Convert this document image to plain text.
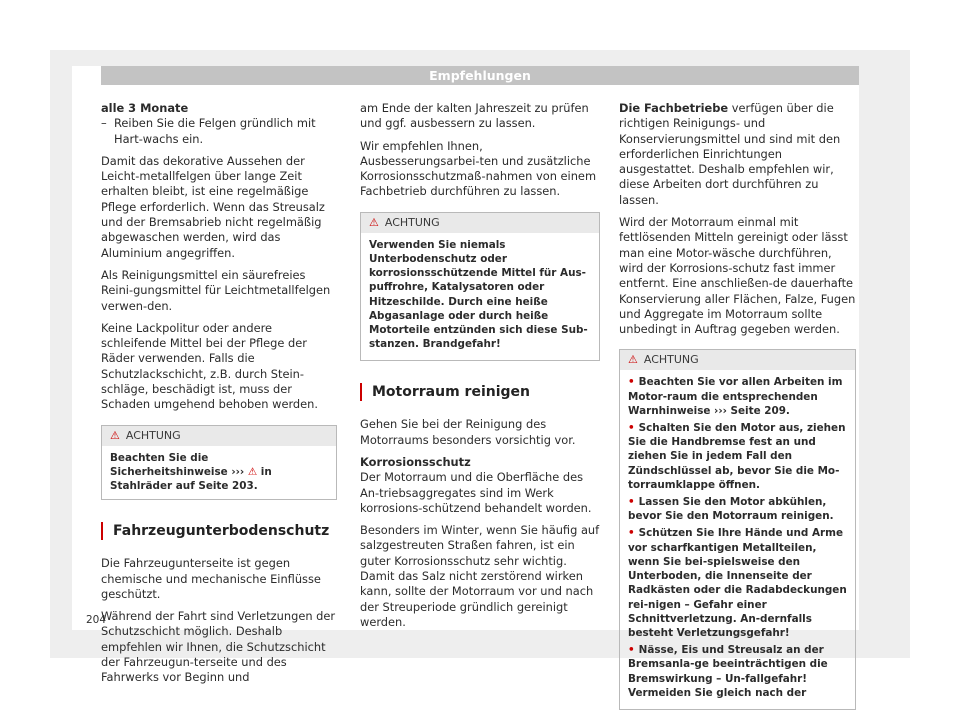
Empfehlungen

alle 3 Monate

– Reiben Sie die Felgen gründlich mit Hart-wachs ein.

Damit das dekorative Aussehen der Leicht-metallfelgen über lange Zeit erhalten bleibt, ist eine regelmäßige Pflege erforderlich. Wenn das Streusalz und der Bremsabrieb nicht regelmäßig abgewaschen werden, wird das Aluminium angegriffen.

Als Reinigungsmittel ein säurefreies Reini-gungsmittel für Leichtmetallfelgen verwen-den.

Keine Lackpolitur oder andere schleifende Mittel bei der Pflege der Räder verwenden. Falls die Schutzlackschicht, z.B. durch Stein-schläge, beschädigt ist, muss der Schaden umgehend behoben werden.

⚠ ACHTUNG
Beachten Sie die Sicherheitshinweise ››› ⚠ in Stahlräder auf Seite 203.
Fahrzeugunterbodenschutz

Die Fahrzeugunterseite ist gegen chemische und mechanische Einflüsse geschützt.

Während der Fahrt sind Verletzungen der Schutzschicht möglich. Deshalb empfehlen wir Ihnen, die Schutzschicht der Fahrzeugun-terseite und des Fahrwerks vor Beginn und

am Ende der kalten Jahreszeit zu prüfen und ggf. ausbessern zu lassen.

Wir empfehlen Ihnen, Ausbesserungsarbei-ten und zusätzliche Korrosionsschutzmaß-nahmen von einem Fachbetrieb durchführen zu lassen.

⚠ ACHTUNG

Verwenden Sie niemals Unterbodenschutz oder korrosionsschützende Mittel für Aus-puffrohre, Katalysatoren oder Hitzeschilde. Durch eine heiße Abgasanlage oder durch heiße Motorteile entzünden sich diese Sub-stanzen. Brandgefahr!

Motorraum reinigen

Gehen Sie bei der Reinigung des Motorraums besonders vorsichtig vor.

Korrosionsschutz

Der Motorraum und die Oberfläche des An-triebsaggregates sind im Werk korrosions-schützend behandelt worden.

Besonders im Winter, wenn Sie häufig auf salzgestreuten Straßen fahren, ist ein guter Korrosionsschutz sehr wichtig. Damit das Salz nicht zerstörend wirken kann, sollte der Motorraum vor und nach der Streuperiode gründlich gereinigt werden.

Die Fachbetriebe verfügen über die richtigen Reinigungs- und Konservierungsmittel und sind mit den erforderlichen Einrichtungen ausgestattet. Deshalb empfehlen wir, diese Arbeiten dort durchführen zu lassen.

Wird der Motorraum einmal mit fettlösenden Mitteln gereinigt oder lässt man eine Motor-wäsche durchführen, wird der Korrosions-schutz fast immer entfernt. Eine anschließen-de dauerhafte Konservierung aller Flächen, Falze, Fugen und Aggregate im Motorraum sollte unbedingt in Auftrag gegeben werden.

⚠ ACHTUNG

• Beachten Sie vor allen Arbeiten im Motor-raum die entsprechenden Warnhinweise ››› Seite 209.

• Schalten Sie den Motor aus, ziehen Sie die Handbremse fest an und ziehen Sie in jedem Fall den Zündschlüssel ab, bevor Sie die Mo-torraumklappe öffnen.

• Lassen Sie den Motor abkühlen, bevor Sie den Motorraum reinigen.

• Schützen Sie Ihre Hände und Arme vor scharfkantigen Metallteilen, wenn Sie bei-spielsweise den Unterboden, die Innenseite der Radkästen oder die Radabdeckungen rei-nigen – Gefahr einer Schnittverletzung. An-dernfalls besteht Verletzungsgefahr!

• Nässe, Eis und Streusalz an der Bremsanla-ge beeinträchtigen die Bremswirkung – Un-fallgefahr! Vermeiden Sie gleich nach der

204
